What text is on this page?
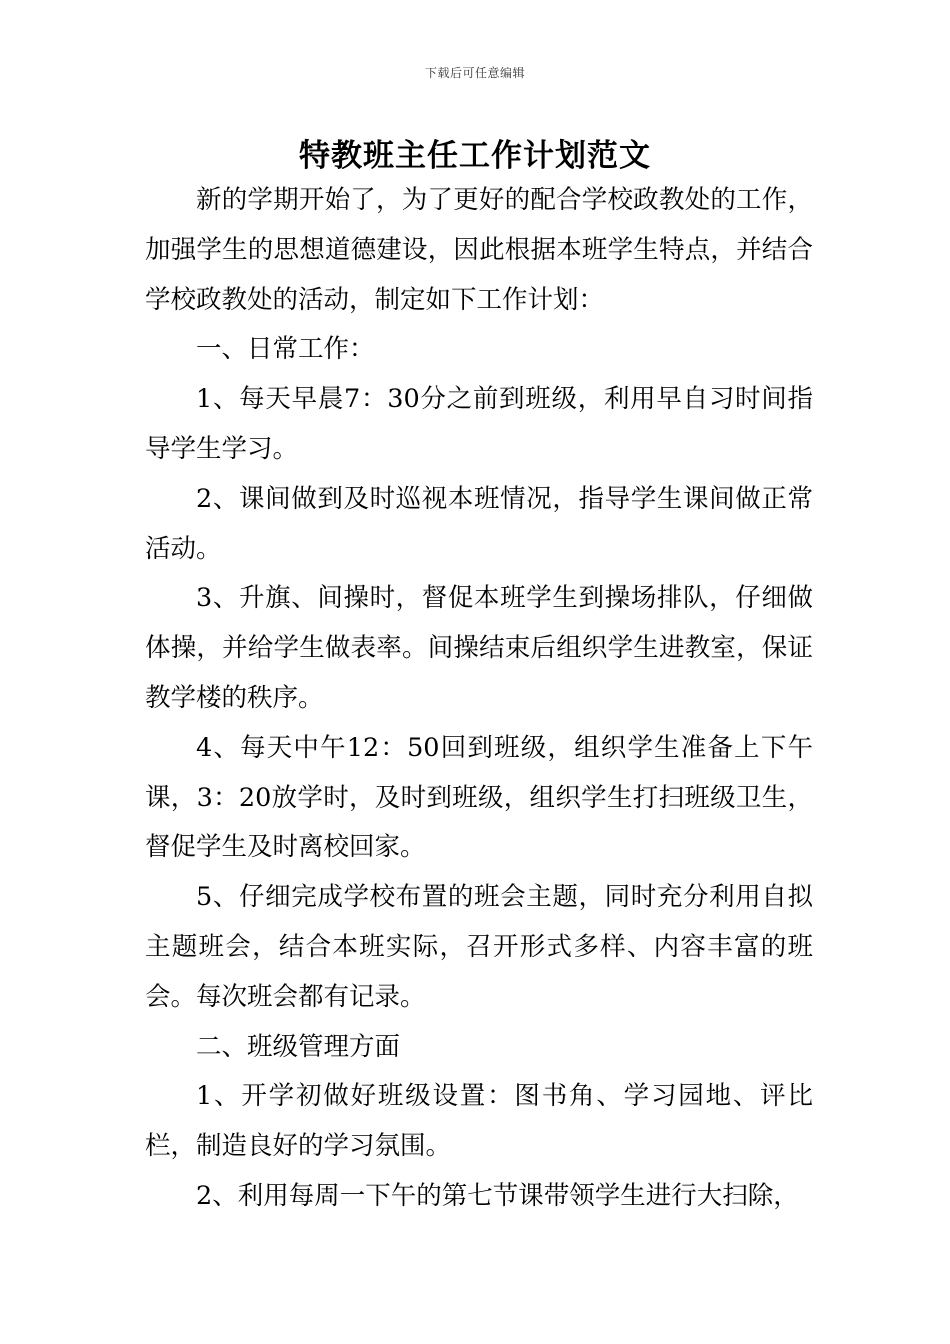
下载后可任意编辑
特教班主任工作计划范文

新的学期开始了，为了更好的配合学校政教处的工作，加强学生的思想道德建设，因此根据本班学生特点，并结合学校政教处的活动，制定如下工作计划：

一、日常工作：

1、每天早晨7：30分之前到班级，利用早自习时间指导学生学习。

2、课间做到及时巡视本班情况，指导学生课间做正常活动。

3、升旗、间操时，督促本班学生到操场排队，仔细做体操，并给学生做表率。间操结束后组织学生进教室，保证教学楼的秩序。

4、每天中午12：50回到班级，组织学生准备上下午课，3：20放学时，及时到班级，组织学生打扫班级卫生，督促学生及时离校回家。

5、仔细完成学校布置的班会主题，同时充分利用自拟主题班会，结合本班实际，召开形式多样、内容丰富的班会。每次班会都有记录。

二、班级管理方面

1、开学初做好班级设置：图书角、学习园地、评比栏，制造良好的学习氛围。

2、利用每周一下午的第七节课带领学生进行大扫除，
